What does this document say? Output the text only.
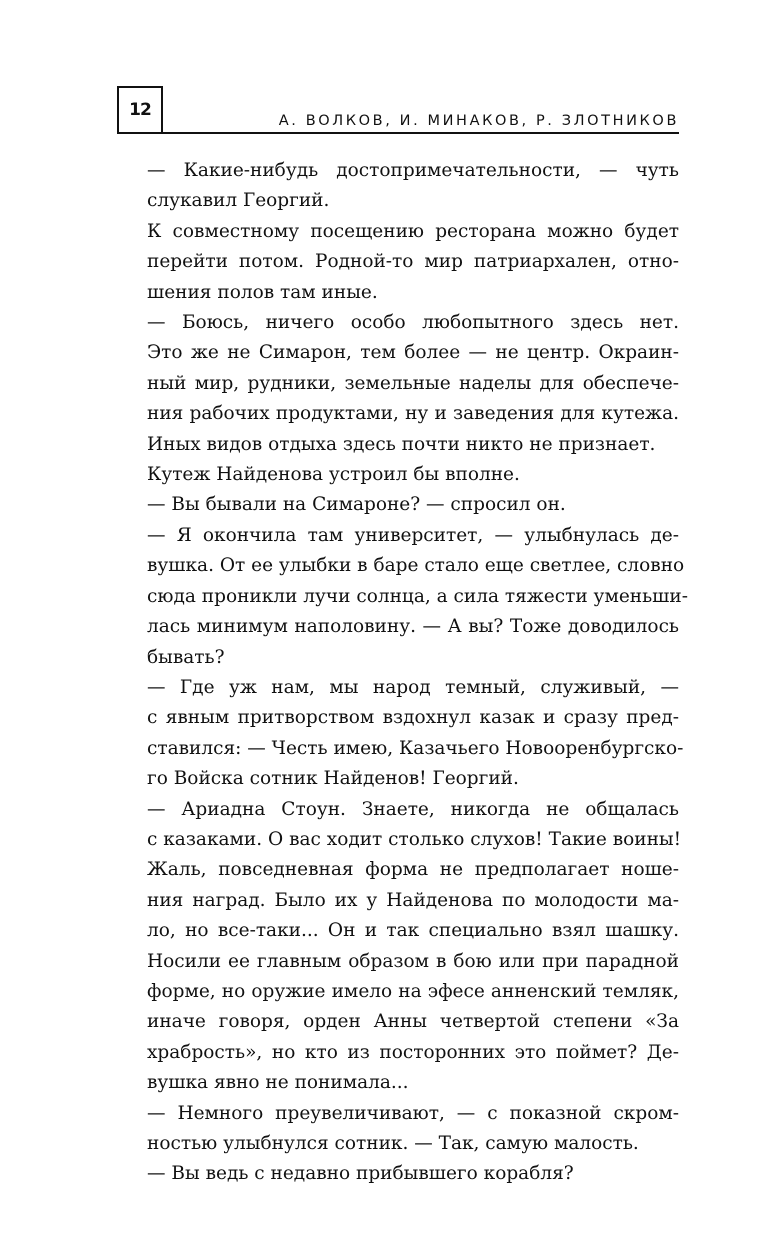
12
А. ВОЛКОВ, И. МИНАКОВ, Р. ЗЛОТНИКОВ

— Какие-нибудь достопримечательности, — чуть
слукавил Георгий.

К совместному посещению ресторана можно будет
перейти потом. Родной-то мир патриархален, отно-
шения полов там иные.

— Боюсь, ничего особо любопытного здесь нет.
Это же не Симарон, тем более — не центр. Окраин-
ный мир, рудники, земельные наделы для обеспече-
ния рабочих продуктами, ну и заведения для кутежа.
Иных видов отдыха здесь почти никто не признает.

Кутеж Найденова устроил бы вполне.

— Вы бывали на Симароне? — спросил он.

— Я окончила там университет, — улыбнулась де-
вушка. От ее улыбки в баре стало еще светлее, словно
сюда проникли лучи солнца, а сила тяжести уменьши-
лась минимум наполовину. — А вы? Тоже доводилось
бывать?

— Где уж нам, мы народ темный, служивый, —
с явным притворством вздохнул казак и сразу пред-
ставился: — Честь имею, Казачьего Новооренбургско-
го Войска сотник Найденов! Георгий.

— Ариадна Стоун. Знаете, никогда не общалась
с казаками. О вас ходит столько слухов! Такие воины!

Жаль, повседневная форма не предполагает ноше-
ния наград. Было их у Найденова по молодости ма-
ло, но все-таки... Он и так специально взял шашку.
Носили ее главным образом в бою или при парадной
форме, но оружие имело на эфесе анненский темляк,
иначе говоря, орден Анны четвертой степени «За
храбрость», но кто из посторонних это поймет? Де-
вушка явно не понимала...

— Немного преувеличивают, — с показной скром-
ностью улыбнулся сотник. — Так, самую малость.

— Вы ведь с недавно прибывшего корабля?
